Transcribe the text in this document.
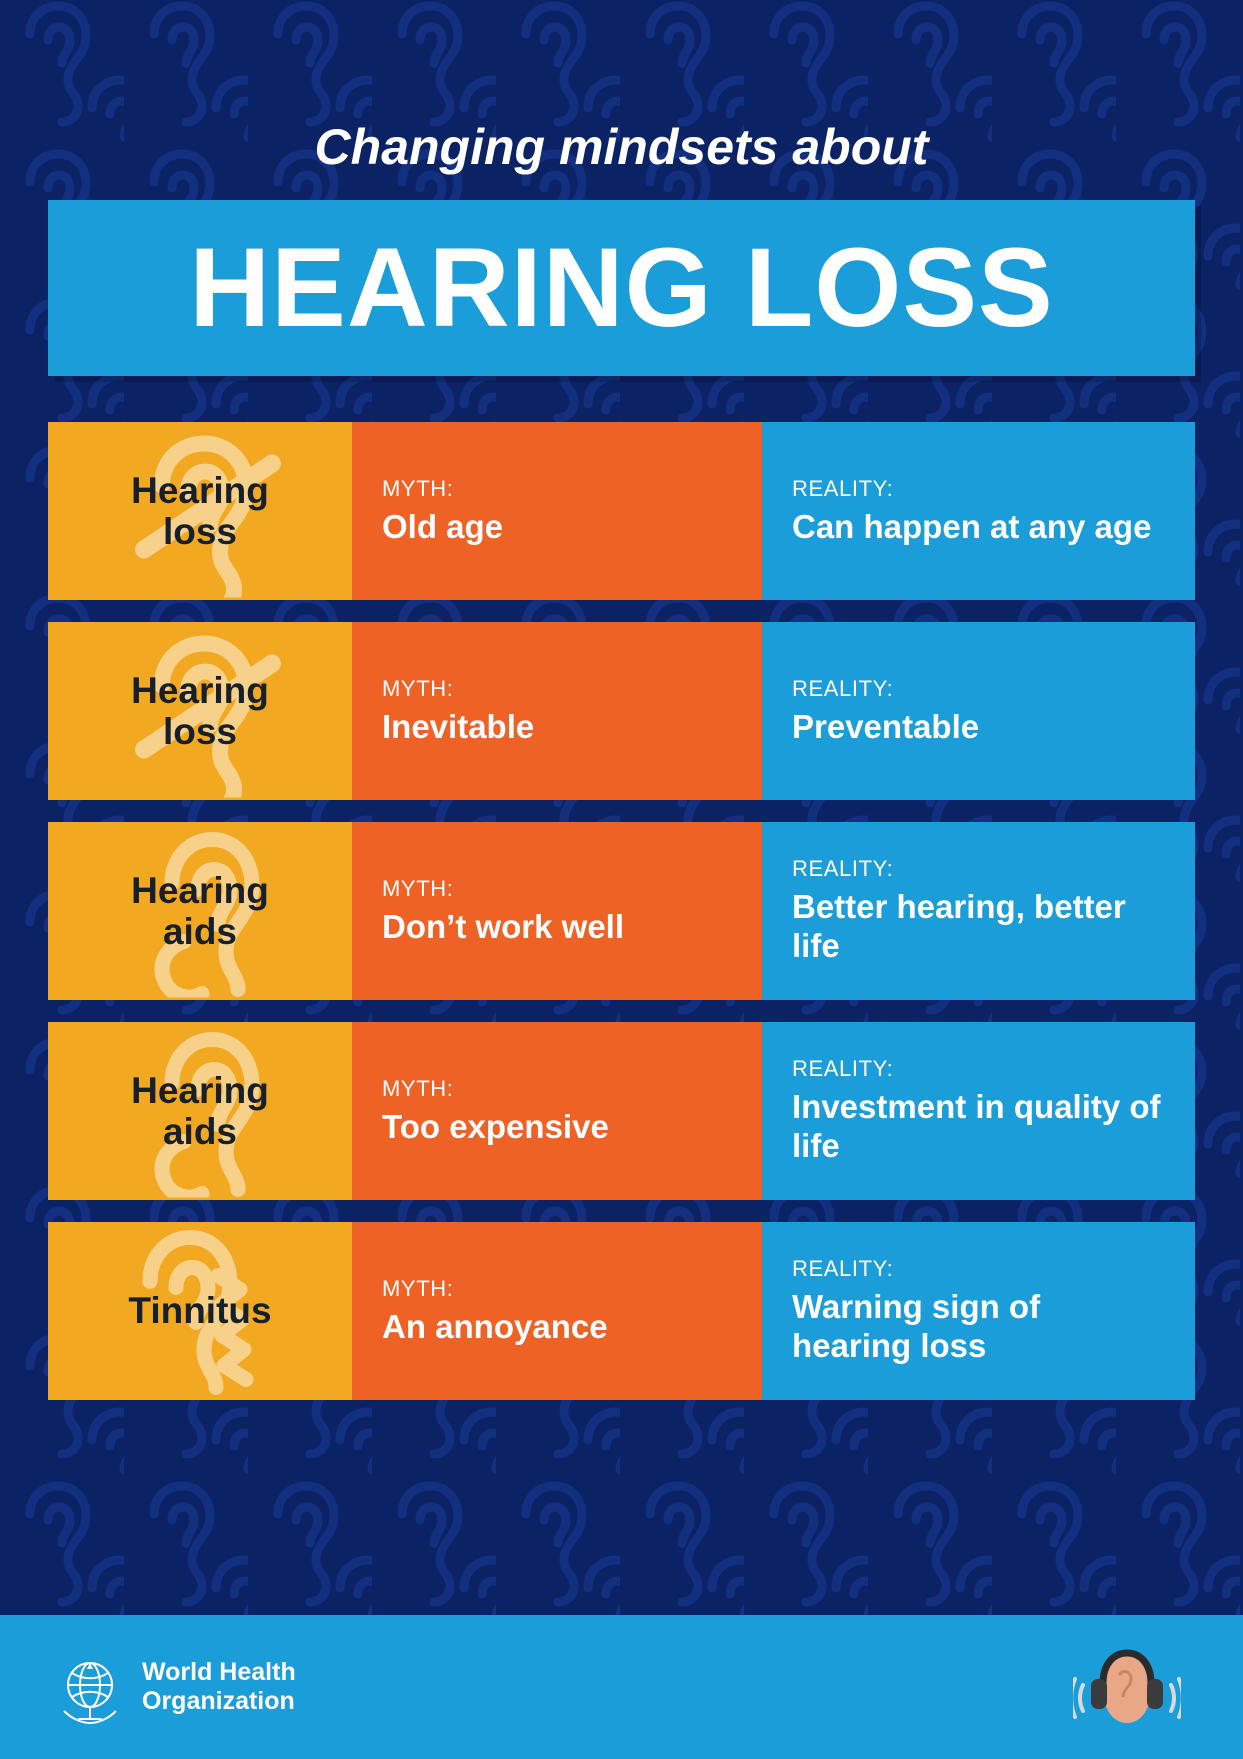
Changing mindsets about
HEARING LOSS
Hearing
loss
MYTH:
Old age
REALITY:
Can happen at any age
Hearing
loss
MYTH:
Inevitable
REALITY:
Preventable
Hearing
aids
MYTH:
Don’t work well
REALITY:
Better hearing, better life
Hearing
aids
MYTH:
Too expensive
REALITY:
Investment in quality of life
Tinnitus
MYTH:
An annoyance
REALITY:
Warning sign of hearing loss
World Health
Organization
